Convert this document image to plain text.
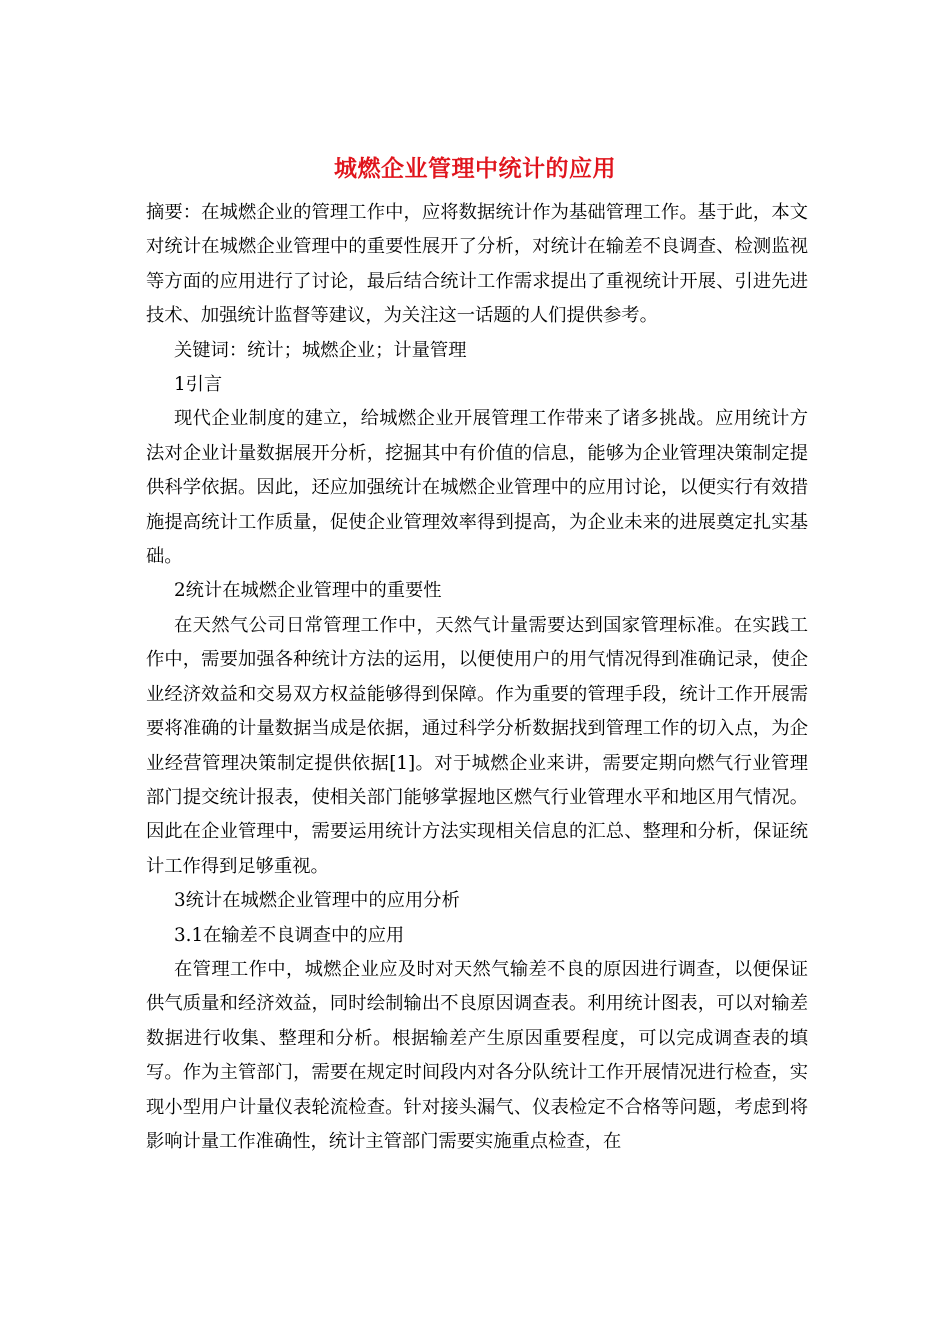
城燃企业管理中统计的应用

摘要：在城燃企业的管理工作中，应将数据统计作为基础管理工作。基于此，本文对统计在城燃企业管理中的重要性展开了分析，对统计在输差不良调查、检测监视等方面的应用进行了讨论，最后结合统计工作需求提出了重视统计开展、引进先进技术、加强统计监督等建议，为关注这一话题的人们提供参考。

关键词：统计；城燃企业；计量管理

1引言

现代企业制度的建立，给城燃企业开展管理工作带来了诸多挑战。应用统计方法对企业计量数据展开分析，挖掘其中有价值的信息，能够为企业管理决策制定提供科学依据。因此，还应加强统计在城燃企业管理中的应用讨论，以便实行有效措施提高统计工作质量，促使企业管理效率得到提高，为企业未来的进展奠定扎实基础。

2统计在城燃企业管理中的重要性

在天然气公司日常管理工作中，天然气计量需要达到国家管理标准。在实践工作中，需要加强各种统计方法的运用，以便使用户的用气情况得到准确记录，使企业经济效益和交易双方权益能够得到保障。作为重要的管理手段，统计工作开展需要将准确的计量数据当成是依据，通过科学分析数据找到管理工作的切入点，为企业经营管理决策制定提供依据[1]。对于城燃企业来讲，需要定期向燃气行业管理部门提交统计报表，使相关部门能够掌握地区燃气行业管理水平和地区用气情况。因此在企业管理中，需要运用统计方法实现相关信息的汇总、整理和分析，保证统计工作得到足够重视。

3统计在城燃企业管理中的应用分析

3.1在输差不良调查中的应用

在管理工作中，城燃企业应及时对天然气输差不良的原因进行调查，以便保证供气质量和经济效益，同时绘制输出不良原因调查表。利用统计图表，可以对输差数据进行收集、整理和分析。根据输差产生原因重要程度，可以完成调查表的填写。作为主管部门，需要在规定时间段内对各分队统计工作开展情况进行检查，实现小型用户计量仪表轮流检查。针对接头漏气、仪表检定不合格等问题，考虑到将影响计量工作准确性，统计主管部门需要实施重点检查，在
